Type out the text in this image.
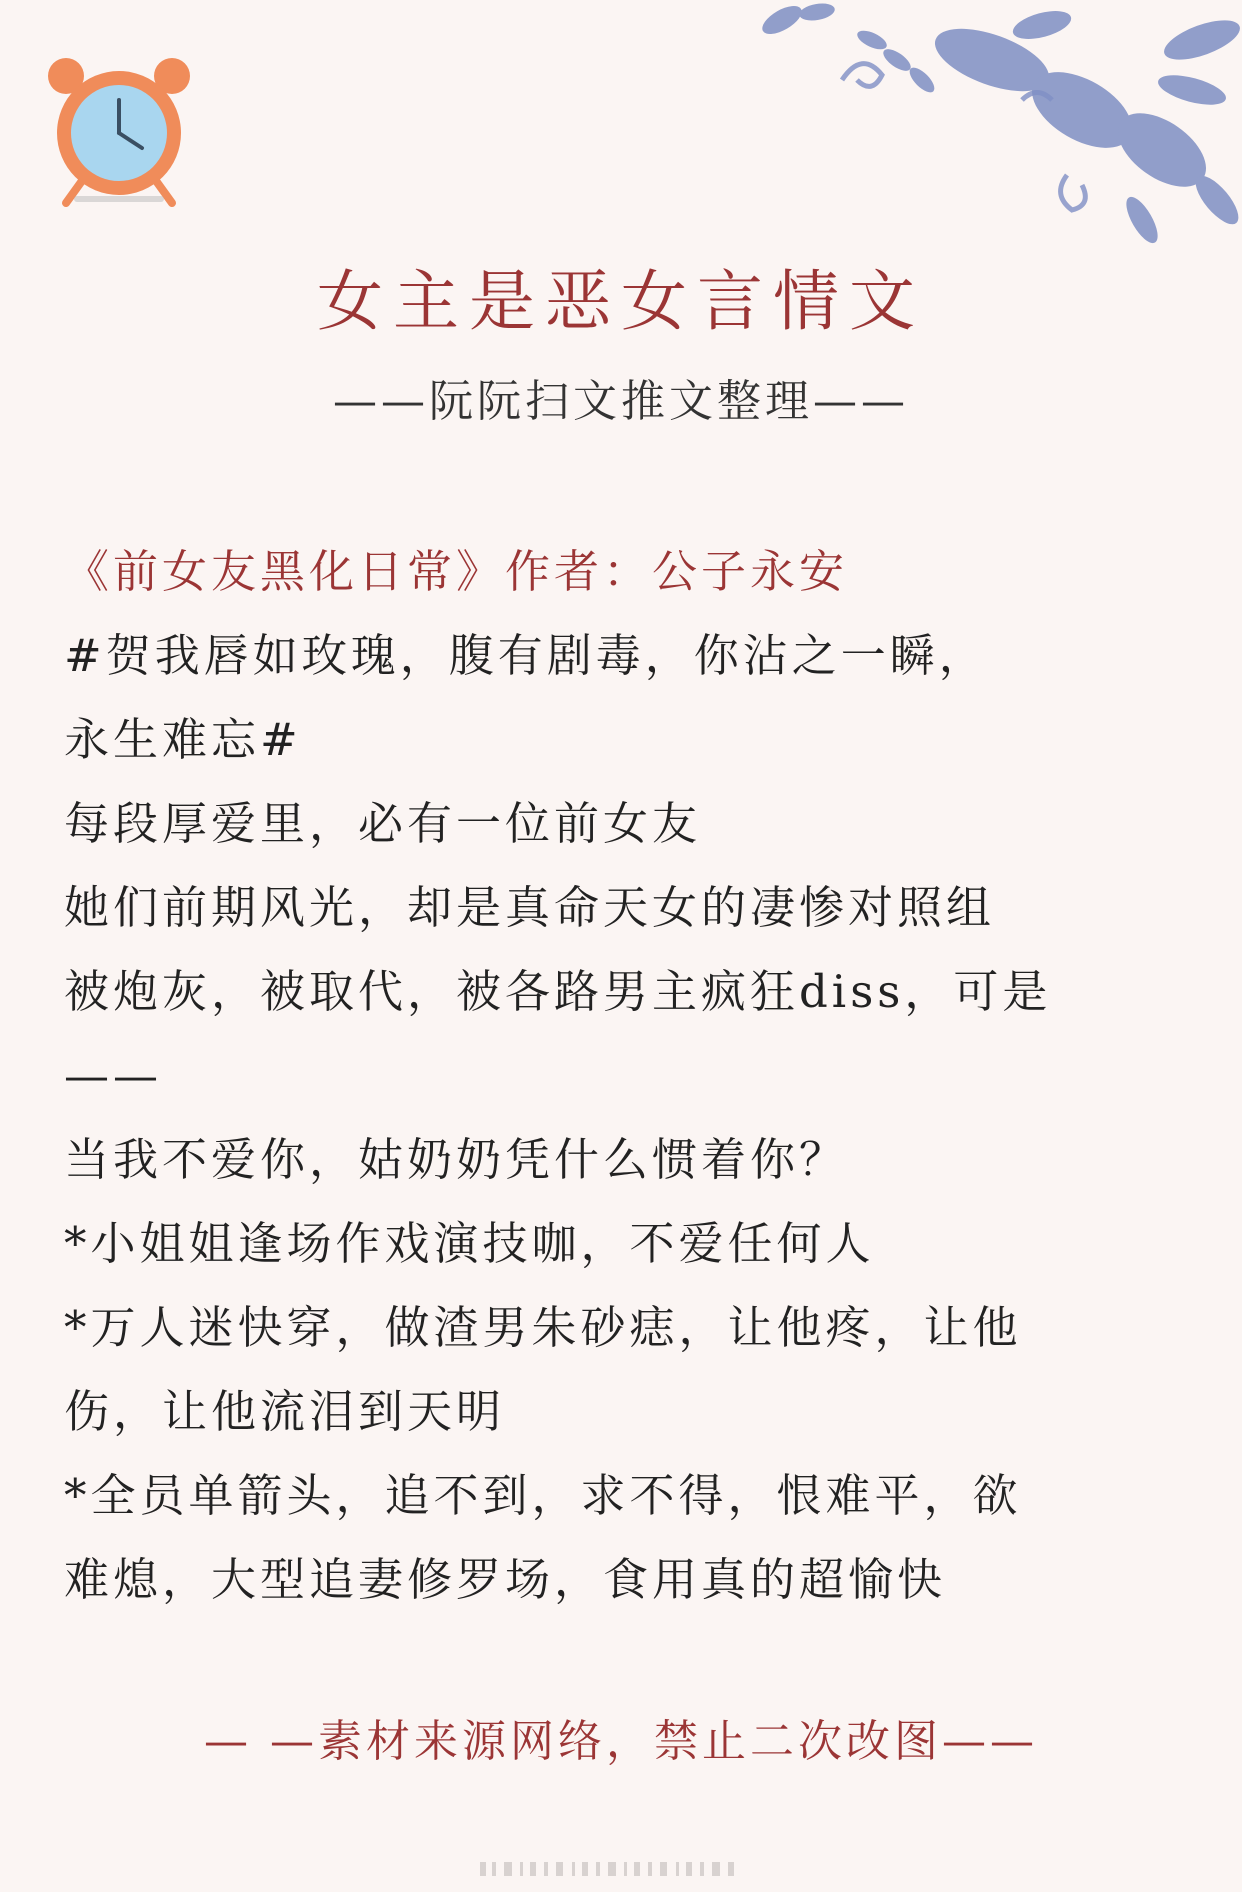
女主是恶女言情文
——阮阮扫文推文整理——
《前女友黑化日常》作者：公子永安
#贺我唇如玫瑰，腹有剧毒，你沾之一瞬，
永生难忘#
每段厚爱里，必有一位前女友
她们前期风光，却是真命天女的凄惨对照组
被炮灰，被取代，被各路男主疯狂diss，可是
——
当我不爱你，姑奶奶凭什么惯着你？
*小姐姐逢场作戏演技咖，不爱任何人
*万人迷快穿，做渣男朱砂痣，让他疼，让他
伤，让他流泪到天明
*全员单箭头，追不到，求不得，恨难平，欲
难熄，大型追妻修罗场，食用真的超愉快
— —素材来源网络，禁止二次改图——
